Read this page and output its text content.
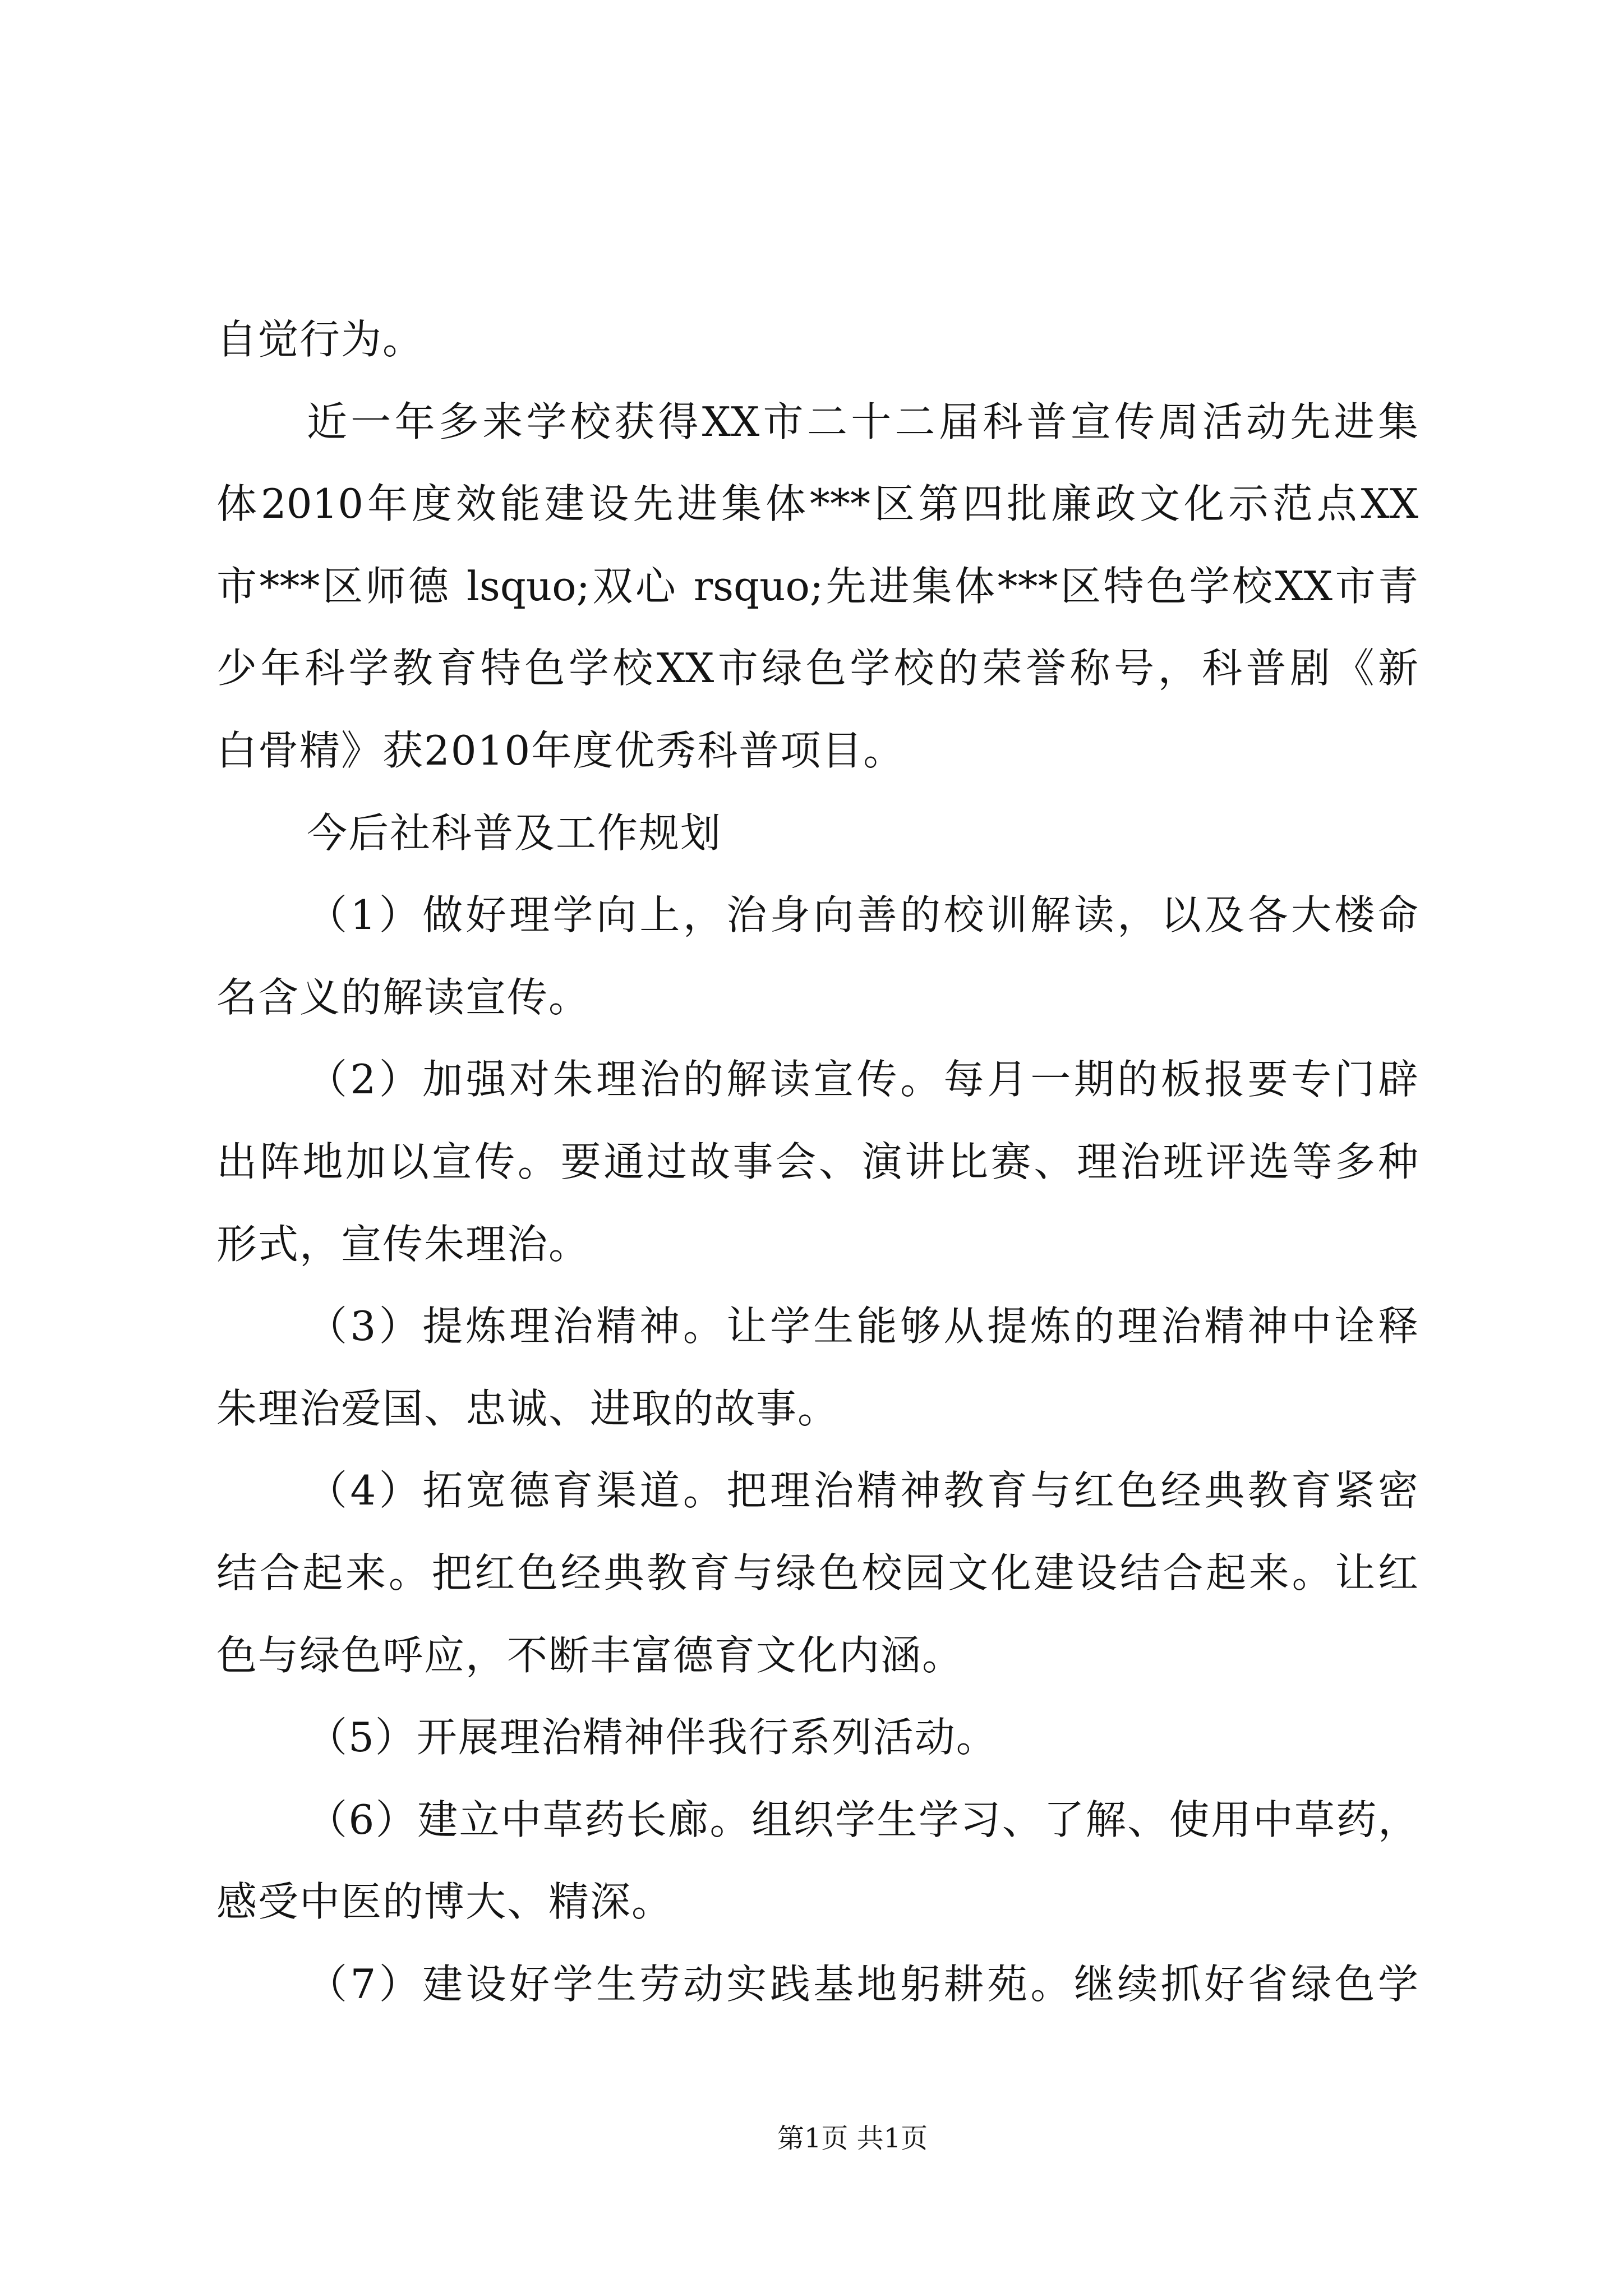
自觉行为。
近一年多来学校获得XX市二十二届科普宣传周活动先进集
体2010年度效能建设先进集体***区第四批廉政文化示范点XX
市***区师德 lsquo;双心 rsquo;先进集体***区特色学校XX市青
少年科学教育特色学校XX市绿色学校的荣誉称号，科普剧《新
白骨精》获2010年度优秀科普项目。
今后社科普及工作规划
（1）做好理学向上，治身向善的校训解读，以及各大楼命
名含义的解读宣传。
（2）加强对朱理治的解读宣传。每月一期的板报要专门辟
出阵地加以宣传。要通过故事会、演讲比赛、理治班评选等多种
形式，宣传朱理治。
（3）提炼理治精神。让学生能够从提炼的理治精神中诠释
朱理治爱国、忠诚、进取的故事。
（4）拓宽德育渠道。把理治精神教育与红色经典教育紧密
结合起来。把红色经典教育与绿色校园文化建设结合起来。让红
色与绿色呼应，不断丰富德育文化内涵。
（5）开展理治精神伴我行系列活动。
（6）建立中草药长廊。组织学生学习、了解、使用中草药，
感受中医的博大、精深。
（7）建设好学生劳动实践基地躬耕苑。继续抓好省绿色学
第1页 共1页
